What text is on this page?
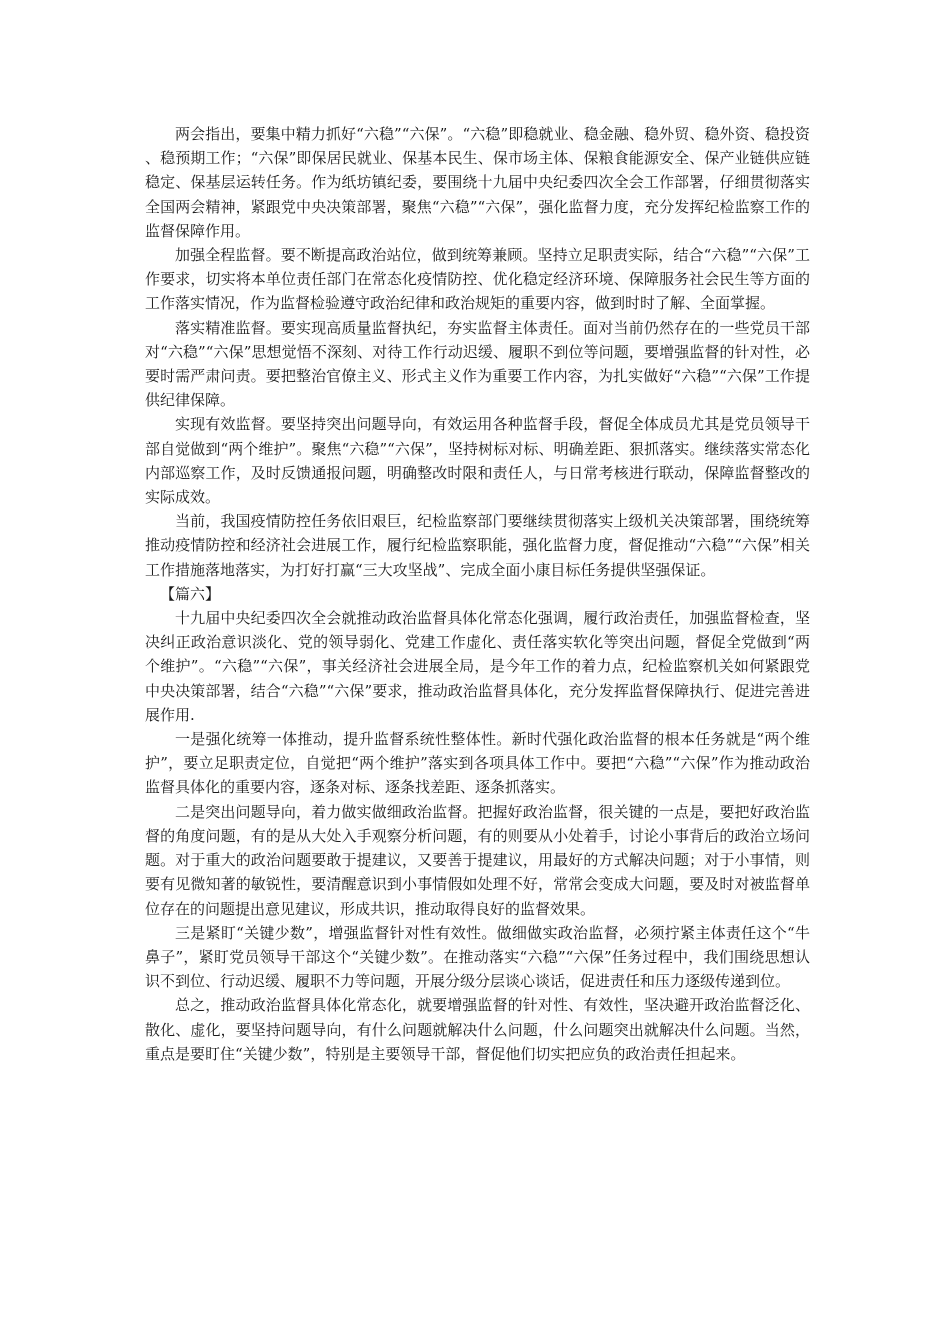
两会指出，要集中精力抓好“六稳”“六保”。“六稳”即稳就业、稳金融、稳外贸、稳外资、稳投资、稳预期工作；“六保”即保居民就业、保基本民生、保市场主体、保粮食能源安全、保产业链供应链稳定、保基层运转任务。作为纸坊镇纪委，要围绕十九届中央纪委四次全会工作部署，仔细贯彻落实全国两会精神，紧跟党中央决策部署，聚焦“六稳”“六保”，强化监督力度，充分发挥纪检监察工作的监督保障作用。

加强全程监督。要不断提高政治站位，做到统筹兼顾。坚持立足职责实际，结合“六稳”“六保”工作要求，切实将本单位责任部门在常态化疫情防控、优化稳定经济环境、保障服务社会民生等方面的工作落实情况，作为监督检验遵守政治纪律和政治规矩的重要内容，做到时时了解、全面掌握。

落实精准监督。要实现高质量监督执纪，夯实监督主体责任。面对当前仍然存在的一些党员干部对“六稳”“六保”思想觉悟不深刻、对待工作行动迟缓、履职不到位等问题，要增强监督的针对性，必要时需严肃问责。要把整治官僚主义、形式主义作为重要工作内容，为扎实做好“六稳”“六保”工作提供纪律保障。

实现有效监督。要坚持突出问题导向，有效运用各种监督手段，督促全体成员尤其是党员领导干部自觉做到“两个维护”。聚焦“六稳”“六保”，坚持树标对标、明确差距、狠抓落实。继续落实常态化内部巡察工作，及时反馈通报问题，明确整改时限和责任人，与日常考核进行联动，保障监督整改的实际成效。

当前，我国疫情防控任务依旧艰巨，纪检监察部门要继续贯彻落实上级机关决策部署，围绕统筹推动疫情防控和经济社会进展工作，履行纪检监察职能，强化监督力度，督促推动“六稳”“六保”相关工作措施落地落实，为打好打赢“三大攻坚战”、完成全面小康目标任务提供坚强保证。

【篇六】

十九届中央纪委四次全会就推动政治监督具体化常态化强调，履行政治责任，加强监督检查，坚决纠正政治意识淡化、党的领导弱化、党建工作虚化、责任落实软化等突出问题，督促全党做到“两个维护”。“六稳”“六保”，事关经济社会进展全局，是今年工作的着力点，纪检监察机关如何紧跟党中央决策部署，结合“六稳”“六保”要求，推动政治监督具体化，充分发挥监督保障执行、促进完善进展作用.

一是强化统筹一体推动，提升监督系统性整体性。新时代强化政治监督的根本任务就是“两个维护”，要立足职责定位，自觉把“两个维护”落实到各项具体工作中。要把“六稳”“六保”作为推动政治监督具体化的重要内容，逐条对标、逐条找差距、逐条抓落实。

二是突出问题导向，着力做实做细政治监督。把握好政治监督，很关键的一点是，要把好政治监督的角度问题，有的是从大处入手观察分析问题，有的则要从小处着手，讨论小事背后的政治立场问题。对于重大的政治问题要敢于提建议，又要善于提建议，用最好的方式解决问题；对于小事情，则要有见微知著的敏锐性，要清醒意识到小事情假如处理不好，常常会变成大问题，要及时对被监督单位存在的问题提出意见建议，形成共识，推动取得良好的监督效果。

三是紧盯“关键少数”，增强监督针对性有效性。做细做实政治监督，必须拧紧主体责任这个“牛鼻子”，紧盯党员领导干部这个“关键少数”。在推动落实“六稳”“六保”任务过程中，我们围绕思想认识不到位、行动迟缓、履职不力等问题，开展分级分层谈心谈话，促进责任和压力逐级传递到位。

总之，推动政治监督具体化常态化，就要增强监督的针对性、有效性，坚决避开政治监督泛化、散化、虚化，要坚持问题导向，有什么问题就解决什么问题，什么问题突出就解决什么问题。当然，重点是要盯住“关键少数”，特别是主要领导干部，督促他们切实把应负的政治责任担起来。
